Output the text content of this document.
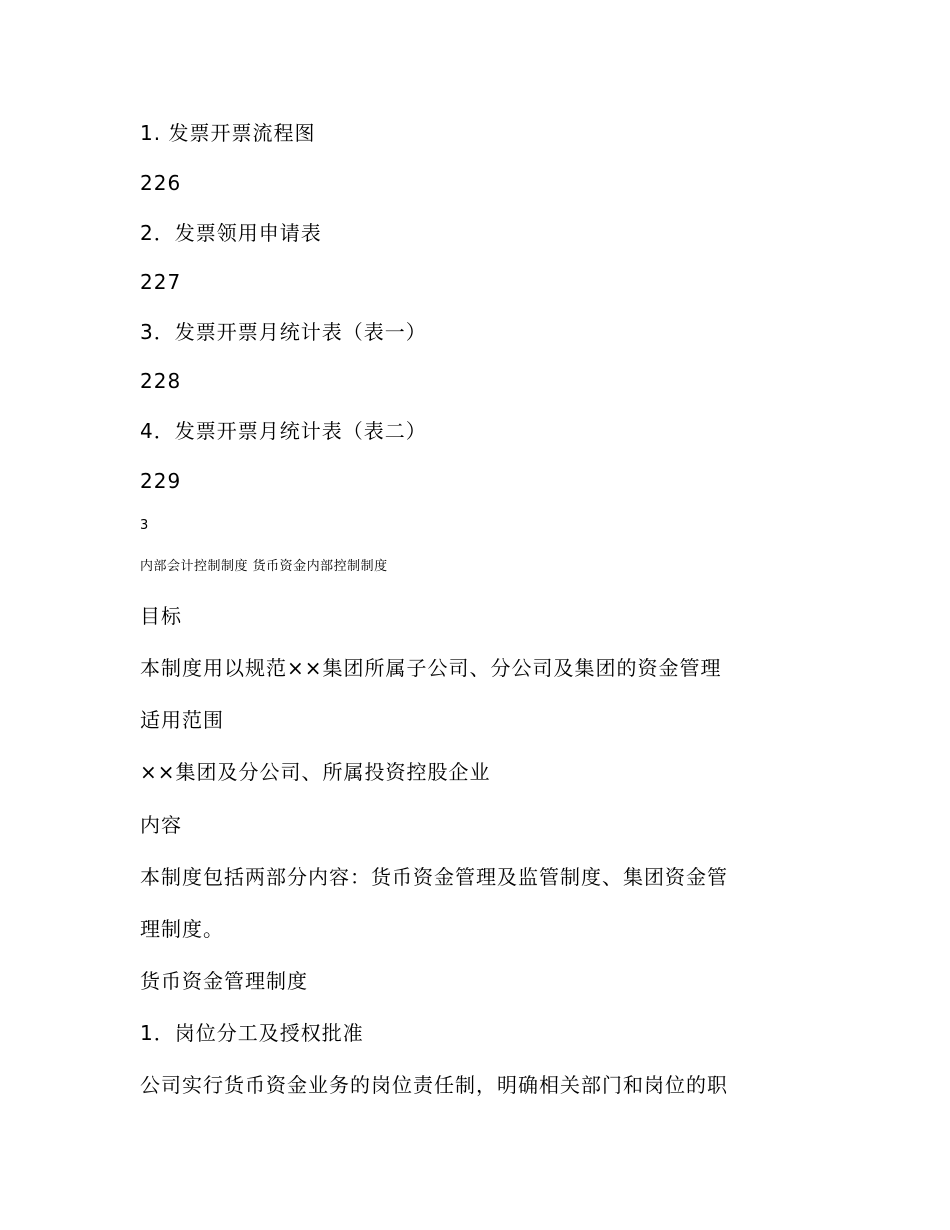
1. 发票开票流程图
226
2．发票领用申请表
227
3．发票开票月统计表（表一）
228
4．发票开票月统计表（表二）
229
3
内部会计控制制度 货币资金内部控制制度
目标
本制度用以规范××集团所属子公司、分公司及集团的资金管理
适用范围
××集团及分公司、所属投资控股企业
内容
本制度包括两部分内容：货币资金管理及监管制度、集团资金管
理制度。
货币资金管理制度
1．岗位分工及授权批准
公司实行货币资金业务的岗位责任制，明确相关部门和岗位的职
